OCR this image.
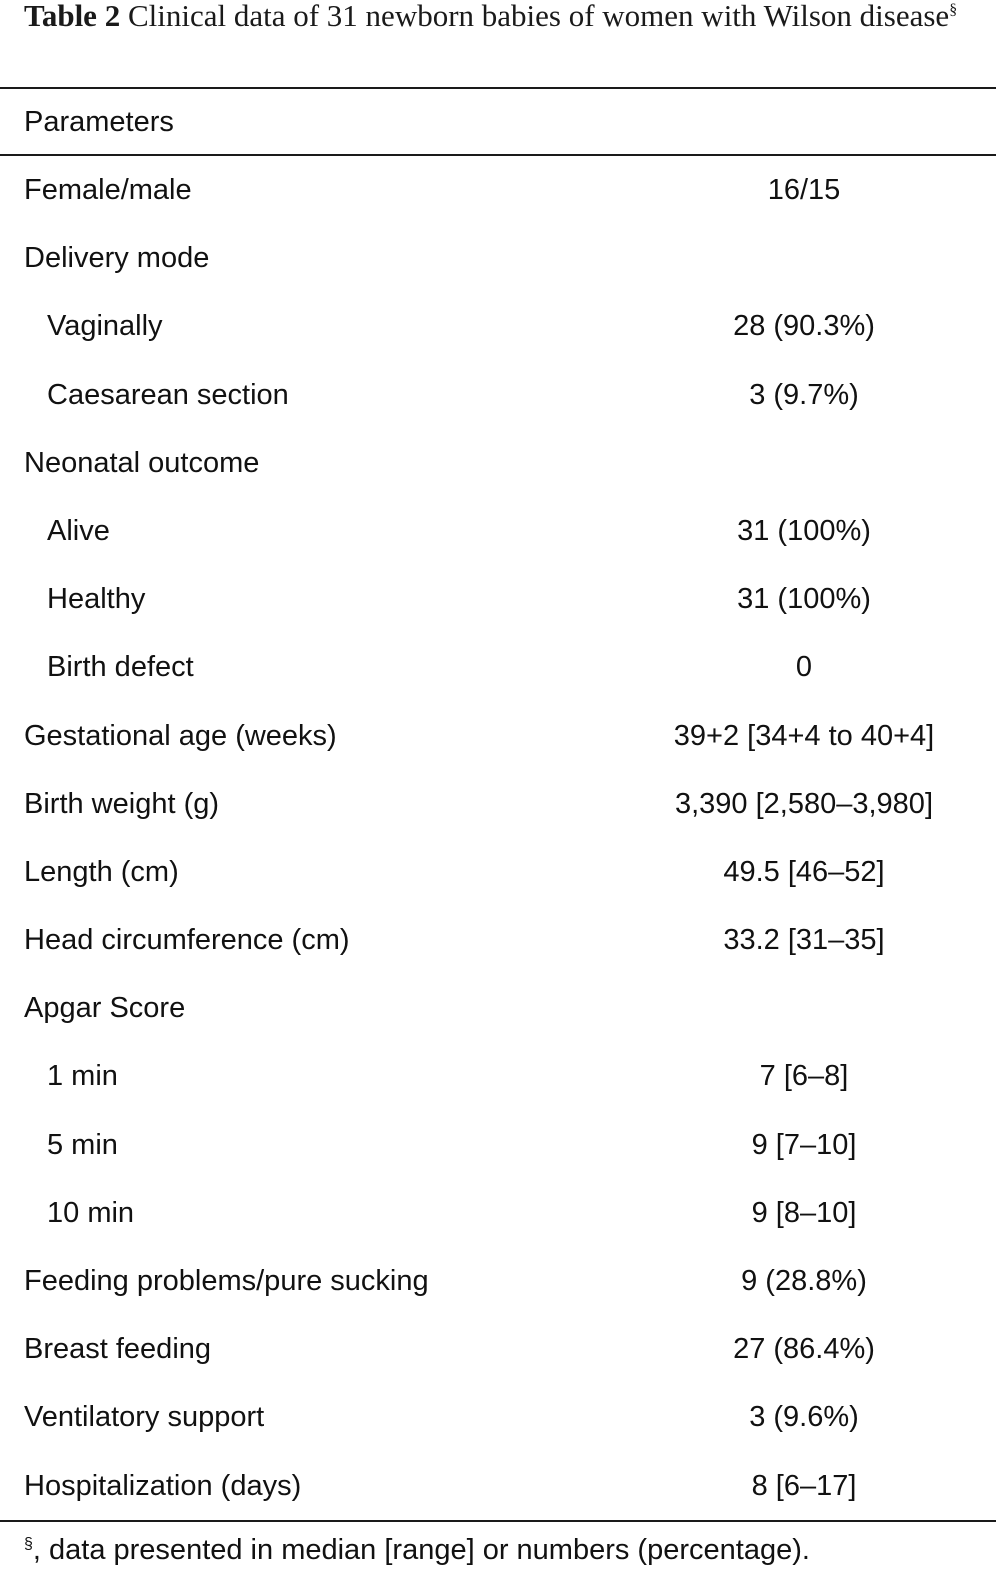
Table 2 Clinical data of 31 newborn babies of women with Wilson disease§
Parameters
Female/male	16/15
Delivery mode
Vaginally	28 (90.3%)
Caesarean section	3 (9.7%)
Neonatal outcome
Alive	31 (100%)
Healthy	31 (100%)
Birth defect	0
Gestational age (weeks)	39+2 [34+4 to 40+4]
Birth weight (g)	3,390 [2,580–3,980]
Length (cm)	49.5 [46–52]
Head circumference (cm)	33.2 [31–35]
Apgar Score
1 min	7 [6–8]
5 min	9 [7–10]
10 min	9 [8–10]
Feeding problems/pure sucking	9 (28.8%)
Breast feeding	27 (86.4%)
Ventilatory support	3 (9.6%)
Hospitalization (days)	8 [6–17]
§, data presented in median [range] or numbers (percentage).
